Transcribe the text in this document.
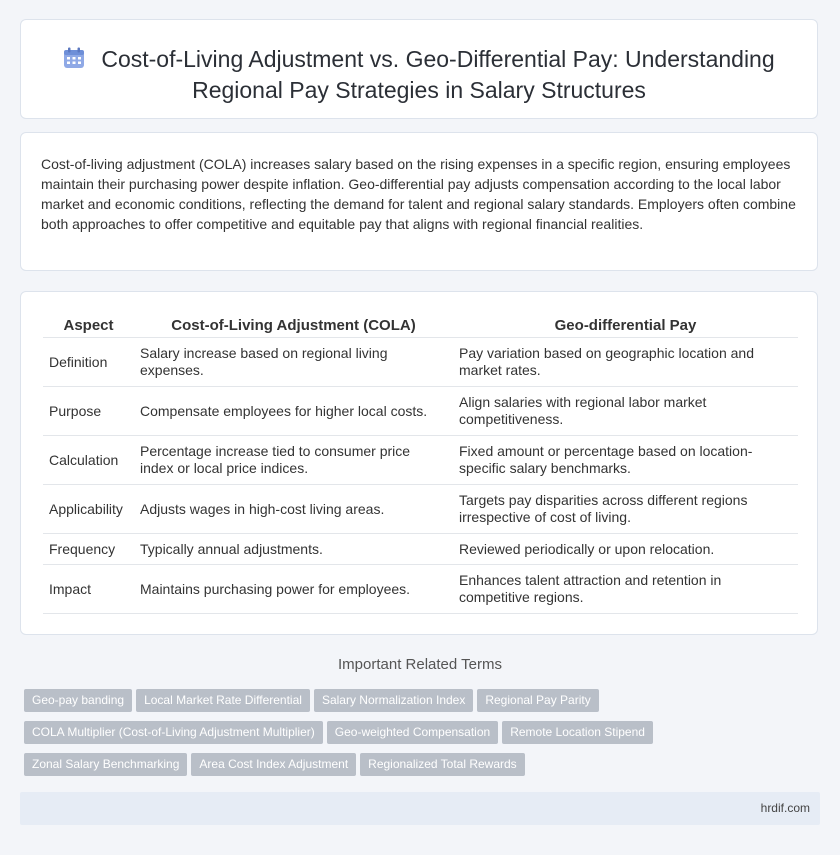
Cost-of-Living Adjustment vs. Geo-Differential Pay: Understanding
Regional Pay Strategies in Salary Structures

Cost-of-living adjustment (COLA) increases salary based on the rising expenses in a specific region, ensuring employees maintain their purchasing power despite inflation. Geo-differential pay adjusts compensation according to the local labor market and economic conditions, reflecting the demand for talent and regional salary standards. Employers often combine both approaches to offer competitive and equitable pay that aligns with regional financial realities.

Aspect	Cost-of-Living Adjustment (COLA)	Geo-differential Pay
Definition	Salary increase based on regional living expenses.	Pay variation based on geographic location and market rates.
Purpose	Compensate employees for higher local costs.	Align salaries with regional labor market competitiveness.
Calculation	Percentage increase tied to consumer price index or local price indices.	Fixed amount or percentage based on location-specific salary benchmarks.
Applicability	Adjusts wages in high-cost living areas.	Targets pay disparities across different regions irrespective of cost of living.
Frequency	Typically annual adjustments.	Reviewed periodically or upon relocation.
Impact	Maintains purchasing power for employees.	Enhances talent attraction and retention in competitive regions.
Important Related Terms
Geo-pay banding Local Market Rate Differential Salary Normalization Index Regional Pay Parity
COLA Multiplier (Cost-of-Living Adjustment Multiplier) Geo-weighted Compensation Remote Location Stipend
Zonal Salary Benchmarking Area Cost Index Adjustment Regionalized Total Rewards
hrdif.com
